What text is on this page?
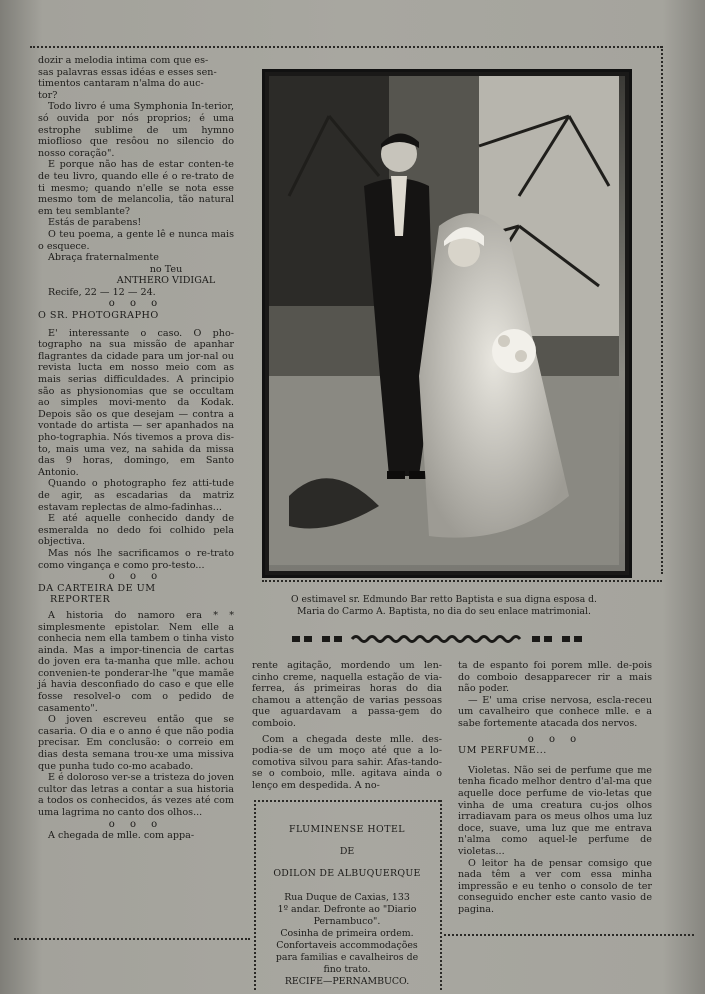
dozir a melodia intima com que es-

sas palavras essas idéas e esses sen-

timentos cantaram n'alma do auc-

tor?

Todo livro é uma Symphonia In-terior, só ouvida por nós proprios; é uma estrophe sublime de um hymno mioflioso que resôou no silencio do nosso coração".

E porque não has de estar conten-te de teu livro, quando elle é o re-trato de ti mesmo; quando n'elle se nota esse mesmo tom de melancolia, tão natural em teu semblante?

Estás de parabens!

O teu poema, a gente lê e nunca mais o esquece.

Abraça fraternalmente

no Teu

ANTHERO VIDIGAL

Recife, 22 — 12 — 24.

o o o

O SR. PHOTOGRAPHO

E' interessante o caso. O pho-tographo na sua missão de apanhar flagrantes da cidade para um jor-nal ou revista lucta em nosso meio com as mais serias difficuldades. A principio são as physionomias que se occultam ao simples movi-mento da Kodak. Depois são os que desejam — contra a vontade do artista — ser apanhados na pho-tographia. Nós tivemos a prova dis-to, mais uma vez, na sahida da missa das 9 horas, domingo, em Santo Antonio.

Quando o photographo fez atti-tude de agir, as escadarias da matriz estavam replectas de almo-fadinhas...

E até aquelle conhecido dandy de esmeralda no dedo foi colhido pela objectiva.

Mas nós lhe sacrificamos o re-trato como vingança e como pro-testo...

o o o

DA CARTEIRA DE UM

REPORTER

A historia do namoro era * * simplesmente epistolar. Nem elle a conhecia nem ella tambem o tinha visto ainda. Mas a impor-tinencia de cartas do joven era ta-manha que mlle. achou convenien-te ponderar-lhe "que mamãe já havia desconfiado do caso e que elle fosse resolvel-o com o pedido de casamento".

O joven escreveu então que se casaria. O dia e o anno é que não podia precisar. Em conclusão: o correio em dias desta semana trou-xe uma missiva que punha tudo co-mo acabado.

E é doloroso ver-se a tristeza do joven cultor das letras a contar a sua historia a todos os conhecidos, ás vezes até com uma lagrima no canto dos olhos...

o o o

A chegada de mlle. com appa-

O estimavel sr. Edmundo Bar retto Baptista e sua digna esposa d.
Maria do Carmo A. Baptista, no dia do seu enlace matrimonial.

rente agitação, mordendo um len-cinho creme, naquella estação de via-ferrea, ás primeiras horas do dia chamou a attenção de varias pessoas que aguardavam a passa-gem do comboio.

Com a chegada deste mlle. des-podia-se de um moço até que a lo-comotiva silvou para sahir. Afas-tando-se o comboio, mlle. agitava ainda o lenço em despedida. A no-

FLUMINENSE HOTEL
DE
ODILON DE ALBUQUERQUE
Rua Duque de Caxias, 133
1º andar. Defronte ao "Diario
Pernambuco".
Cosinha de primeira ordem.
Confortaveis accommodações
para familias e cavalheiros de
fino trato.
RECIFE—PERNAMBUCO.

ta de espanto foi porem mlle. de-pois do comboio desapparecer rir a mais não poder.

— E' uma crise nervosa, escla-receu um cavalheiro que conhece mlle. e a sabe fortemente atacada dos nervos.

o o o

UM PERFUME...

Violetas. Não sei de perfume que me tenha ficado melhor dentro d'al-ma que aquelle doce perfume de vio-letas que vinha de uma creatura cu-jos olhos irradiavam para os meus olhos uma luz doce, suave, uma luz que me entrava n'alma como aquel-le perfume de violetas...

O leitor ha de pensar comsigo que nada têm a ver com essa minha impressão e eu tenho o consolo de ter conseguido encher este canto vasio de pagina.
